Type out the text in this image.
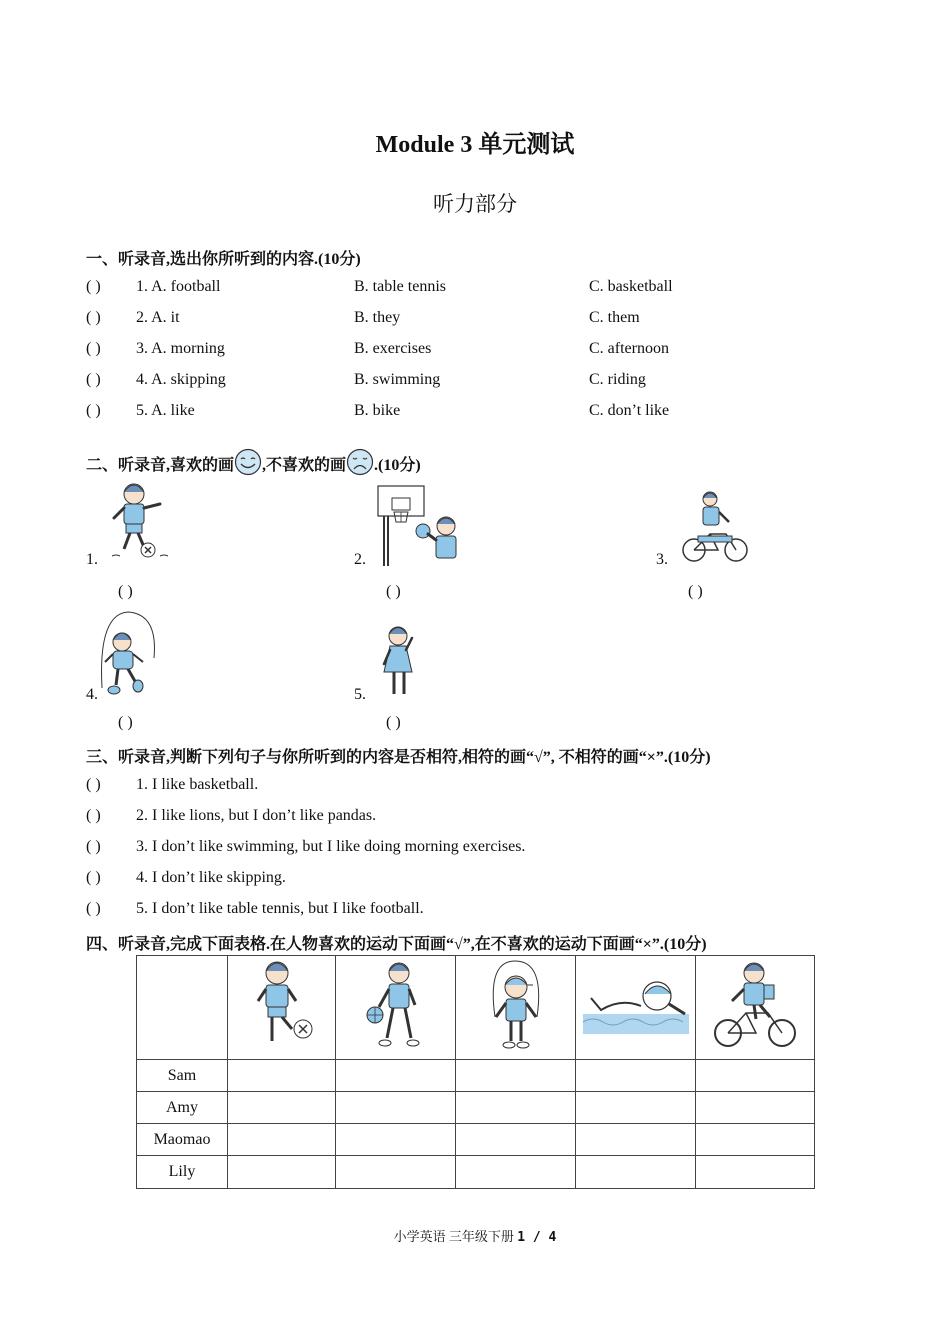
Module 3 单元测试
听力部分
一、听录音,选出你所听到的内容.(10分)
( ) 1. A. football	B. table tennis	C. basketball
( ) 2. A. it	B. they	C. them
( ) 3. A. morning	B. exercises	C. afternoon
( ) 4. A. skipping	B. swimming	C. riding
( ) 5. A. like	B. bike	C. don’t like
二、听录音,喜欢的画 ,不喜欢的画 .(10分)
1.
( )
2.
( )
3.
( )
4.
( )
5.
( )
三、听录音,判断下列句子与你所听到的内容是否相符,相符的画“√”, 不相符的画“×”.(10分)
( ) 1. I like basketball.
( ) 2. I like lions, but I don’t like pandas.
( ) 3. I don’t like swimming, but I like doing morning exercises.
( ) 4. I don’t like skipping.
( ) 5. I don’t like table tennis, but I like football.
四、听录音,完成下面表格.在人物喜欢的运动下面画“√”,在不喜欢的运动下面画“×”.(10分)

Sam					
Amy					
Maomao					
Lily					
小学英语 三年级下册 1 / 4
